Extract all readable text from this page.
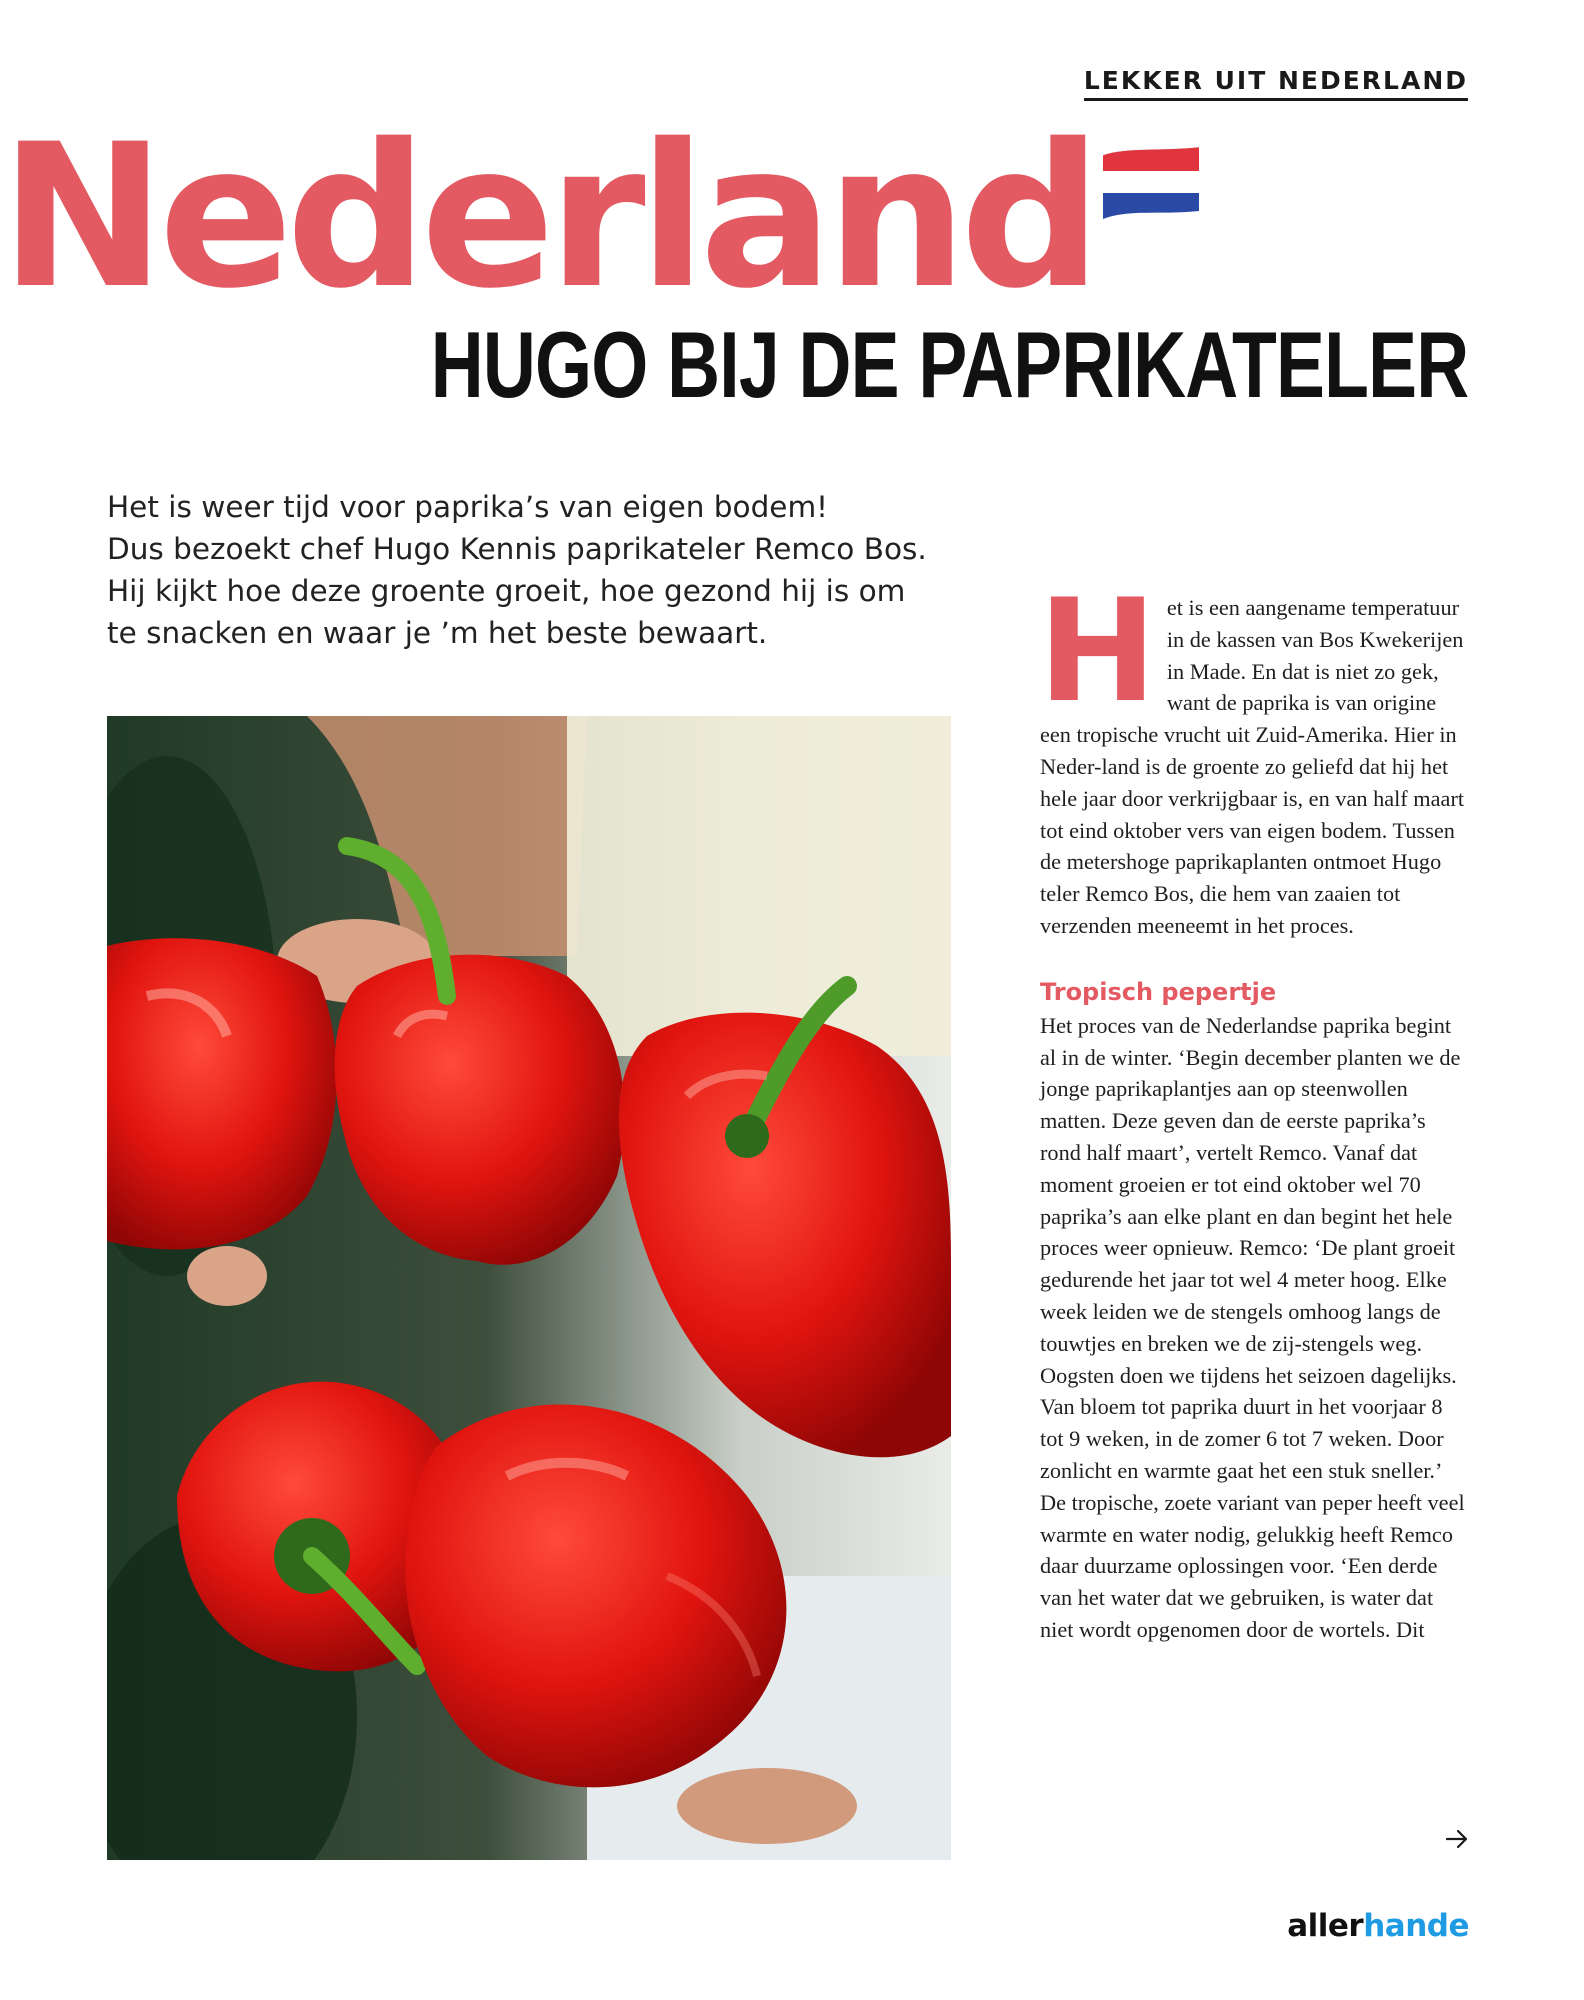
LEKKER UIT NEDERLAND
Nederland
HUGO BIJ DE PAPRIKATELER

Het is weer tijd voor paprika’s van eigen bodem!
Dus bezoekt chef Hugo Kennis paprikateler Remco Bos.
Hij kijkt hoe deze groente groeit, hoe gezond hij is om
te snacken en waar je ’m het beste bewaart.	Het is een aangename temperatuur in de kassen van Bos Kwekerijen in Made. En dat is niet zo gek, want de paprika is van origine een tropische vrucht uit Zuid-Amerika. Hier in Neder-land is de groente zo geliefd dat hij het hele jaar door verkrijgbaar is, en van half maart tot eind oktober vers van eigen bodem. Tussen de metershoge paprikaplanten ontmoet Hugo teler Remco Bos, die hem van zaaien tot verzenden meeneemt in het proces.

Tropisch pepertje

Het proces van de Nederlandse paprika begint al in de winter. ‘Begin december planten we de jonge paprikaplantjes aan op steenwollen matten. Deze geven dan de eerste paprika’s rond half maart’, vertelt Remco. Vanaf dat moment groeien er tot eind oktober wel 70 paprika’s aan elke plant en dan begint het hele proces weer opnieuw. Remco: ‘De plant groeit gedurende het jaar tot wel 4 meter hoog. Elke week leiden we de stengels omhoog langs de touwtjes en breken we de zij-stengels weg. Oogsten doen we tijdens het seizoen dagelijks. Van bloem tot paprika duurt in het voorjaar 8 tot 9 weken, in de zomer 6 tot 7 weken. Door zonlicht en warmte gaat het een stuk sneller.’ De tropische, zoete variant van peper heeft veel warmte en water nodig, gelukkig heeft Remco daar duurzame oplossingen voor. ‘Een derde van het water dat we gebruiken, is water dat niet wordt opgenomen door de wortels. Dit

allerhande
